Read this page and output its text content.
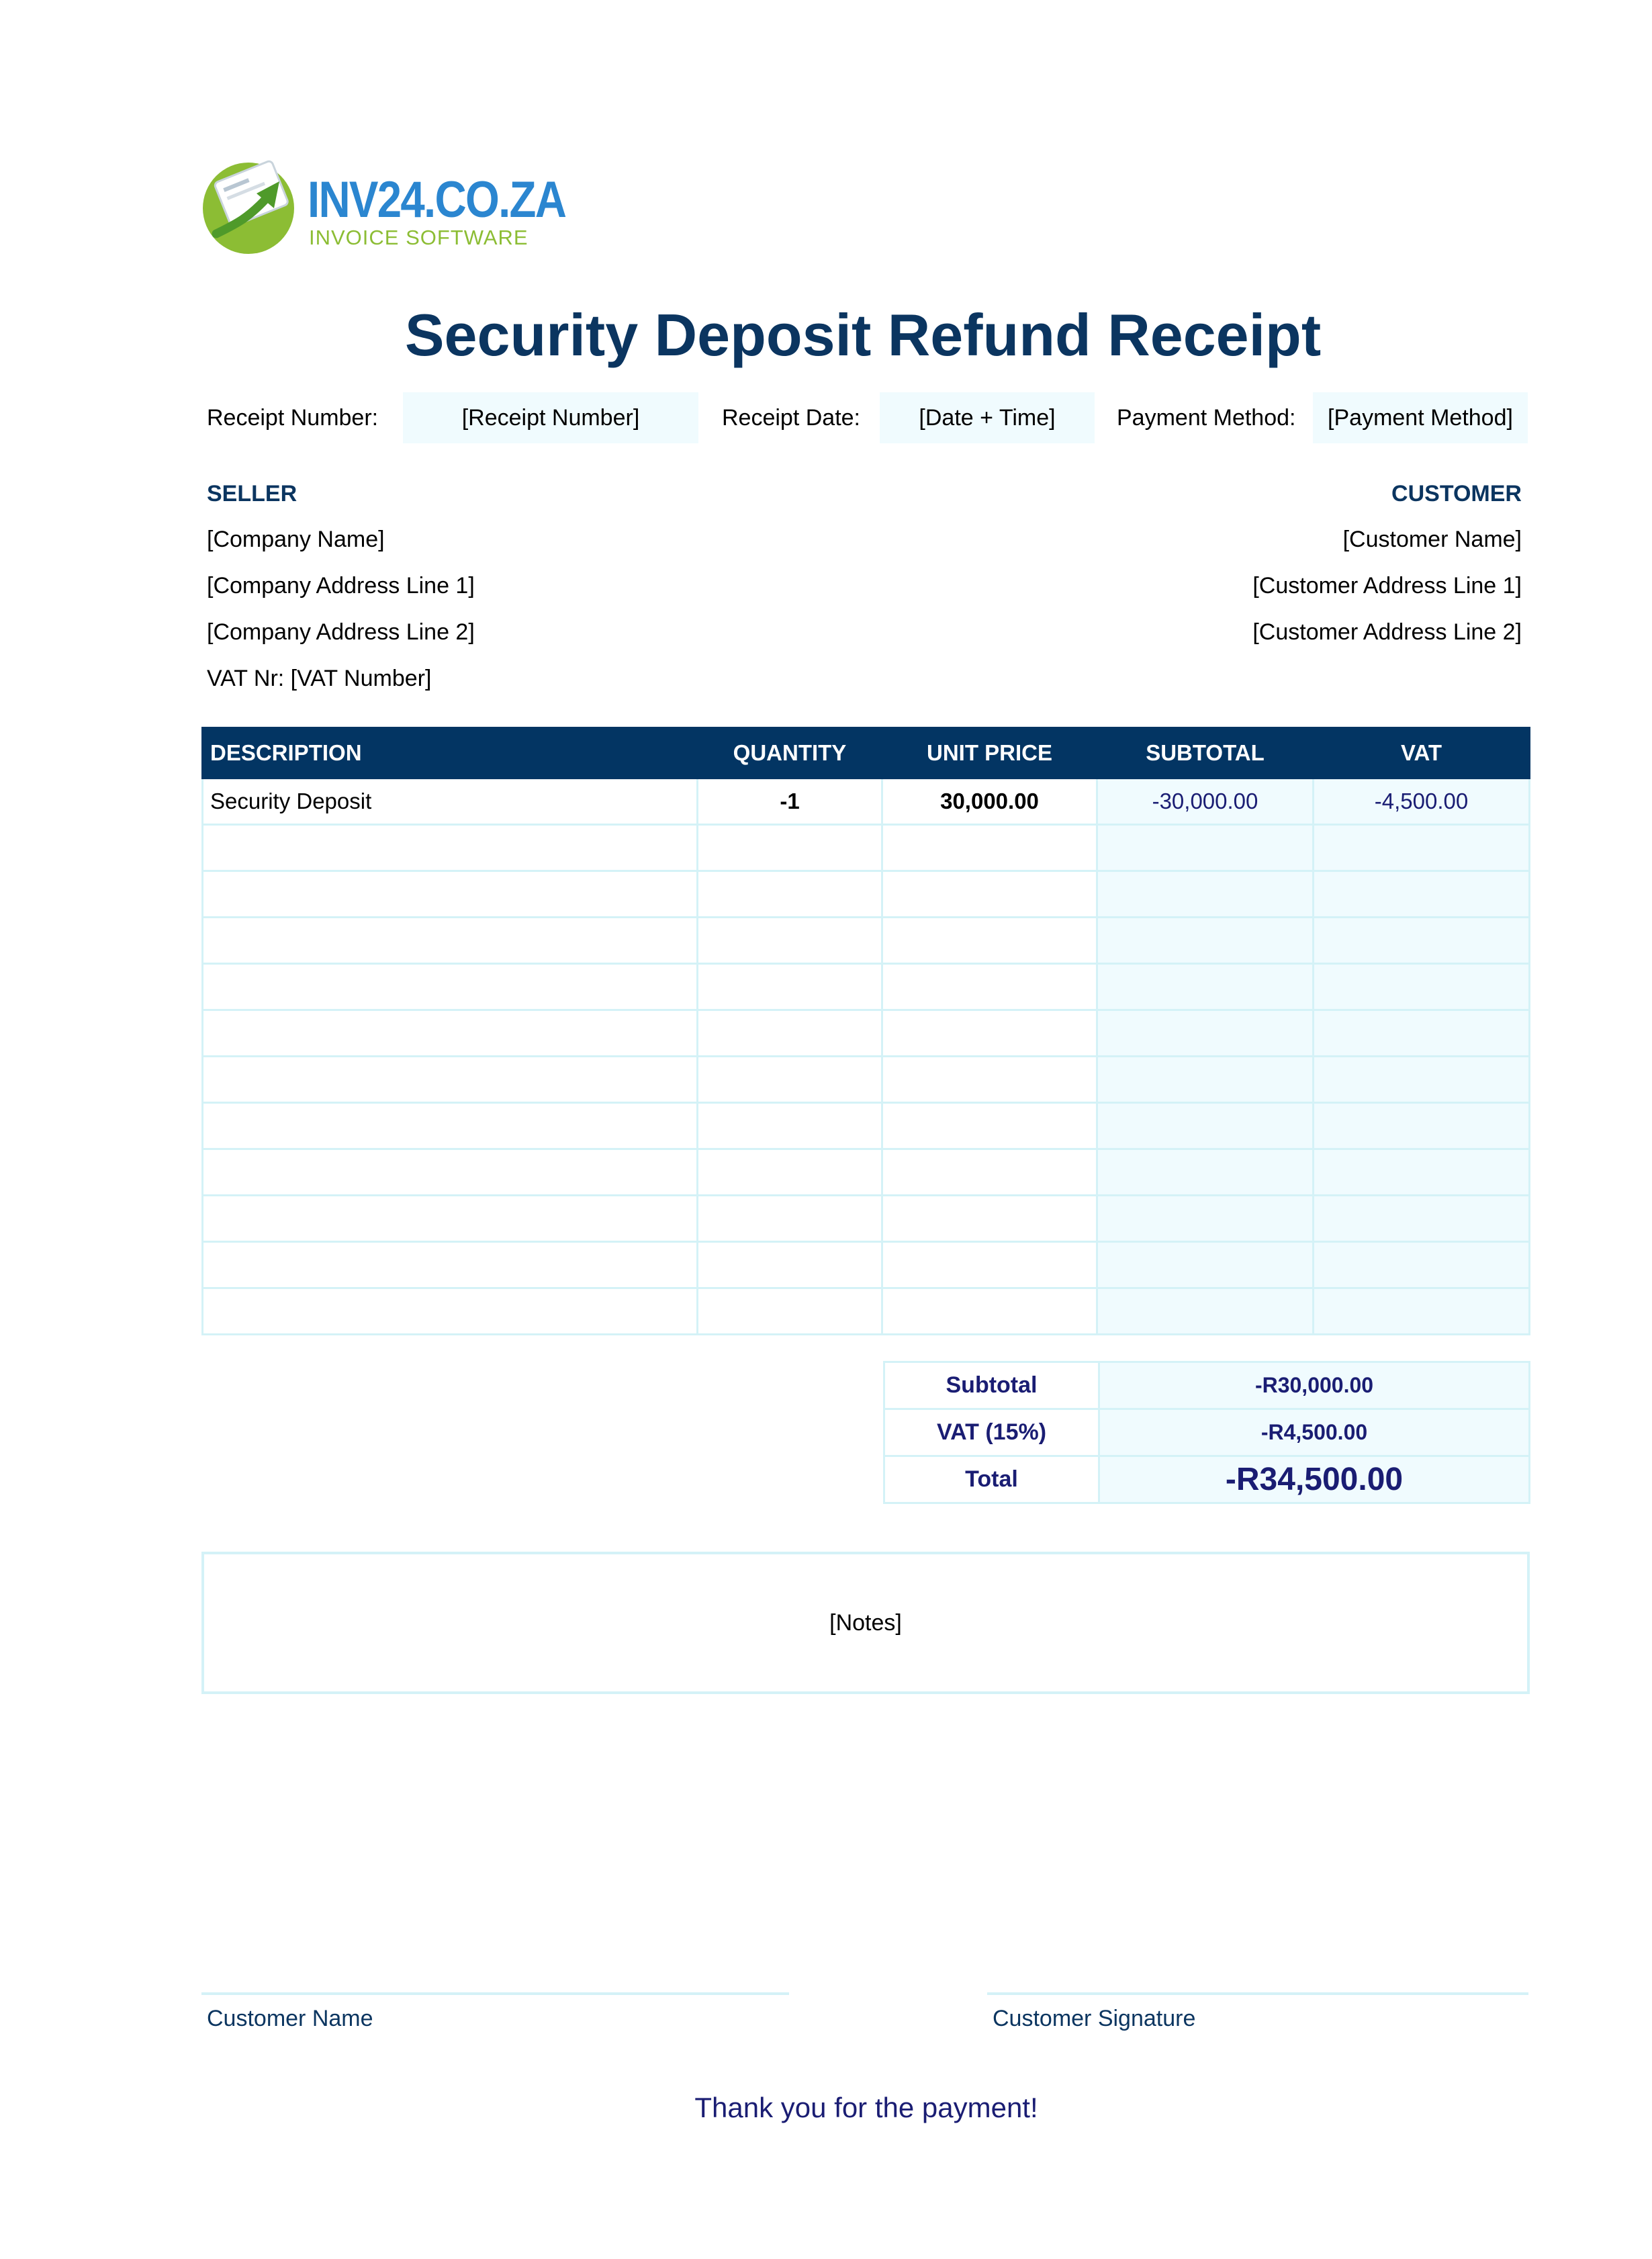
INV24.CO.ZA
INVOICE SOFTWARE
Security Deposit Refund Receipt
Receipt Number:	[Receipt Number]	Receipt Date:	[Date + Time]	Payment Method:	[Payment Method]
SELLER
[Company Name]
[Company Address Line 1]
[Company Address Line 2]
VAT Nr: [VAT Number]
CUSTOMER
[Customer Name]
[Customer Address Line 1]
[Customer Address Line 2]
DESCRIPTION	QUANTITY	UNIT PRICE	SUBTOTAL	VAT
Security Deposit	-1	30,000.00	-30,000.00	-4,500.00

Subtotal	-R30,000.00
VAT (15%)	-R4,500.00
Total	-R34,500.00
[Notes]
Customer Name	Customer Signature
Thank you for the payment!
